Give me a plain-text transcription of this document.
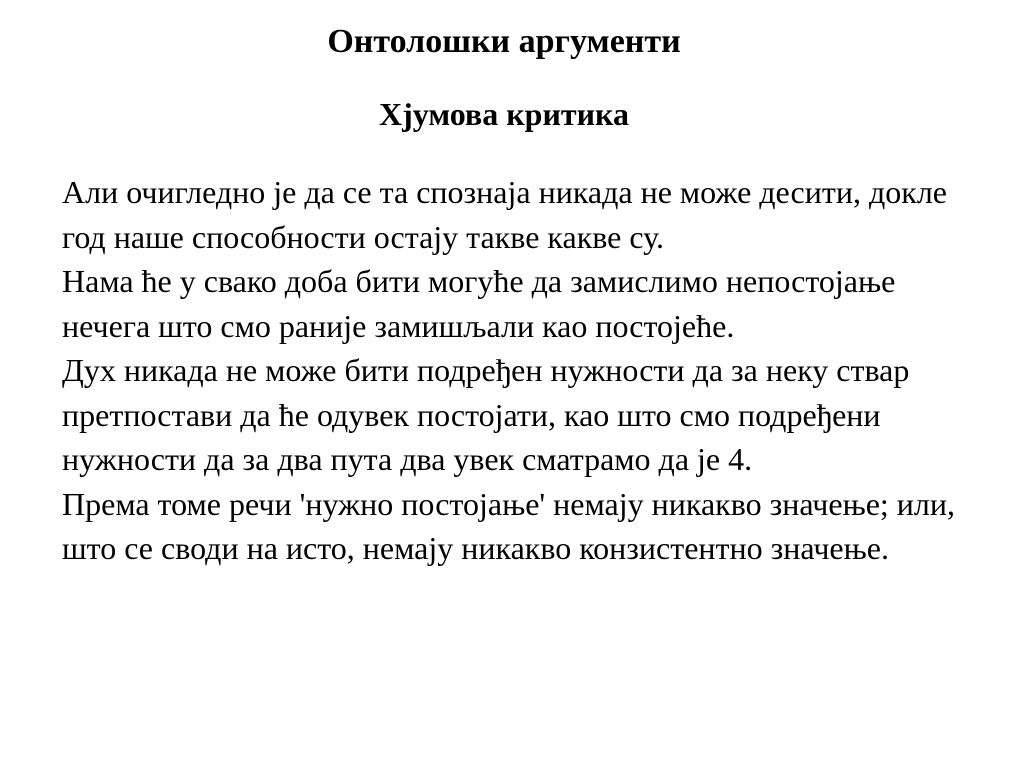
Онтолошки аргументи
Хјумова критика

Али очигледно је да се та спознаја никада не може десити, докле год наше способности остају такве какве су.

Нама ће у свако доба бити могуће да замислимо непостојање нечега што смо раније замишљали као постојеће.

Дух никада не може бити подређен нужности да за неку ствар претпостави да ће одувек постојати, као што смо подређени нужности да за два пута два увек сматрамо да је 4.

Према томе речи 'нужно постојање' немају никакво значење; или, што се своди на исто, немају никакво конзистентно значење.
